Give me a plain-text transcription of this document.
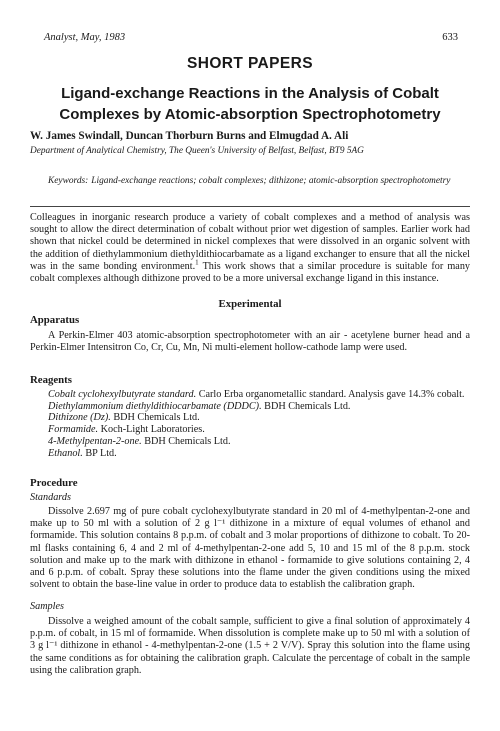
Analyst, May, 1983	633
SHORT PAPERS
Ligand-exchange Reactions in the Analysis of Cobalt
Complexes by Atomic-absorption Spectrophotometry
W. James Swindall, Duncan Thorburn Burns and Elmugdad A. Ali
Department of Analytical Chemistry, The Queen's University of Belfast, Belfast, BT9 5AG
Keywords: Ligand-exchange reactions; cobalt complexes; dithizone; atomic-absorption spectrophotometry
Colleagues in inorganic research produce a variety of cobalt complexes and a method of analysis was sought to allow the direct determination of cobalt without prior wet digestion of samples. Earlier work had shown that nickel could be determined in nickel complexes that were dissolved in an organic solvent with the addition of diethylammonium diethyldithiocarbamate as a ligand exchanger to ensure that all the nickel was in the same bonding environment.$^1$ This work shows that a similar procedure is suitable for many cobalt complexes although dithizone proved to be a more universal exchange ligand in this instance.
Experimental
Apparatus
A Perkin-Elmer 403 atomic-absorption spectrophotometer with an air - acetylene burner head and a Perkin-Elmer Intensitron Co, Cr, Cu, Mn, Ni multi-element hollow-cathode lamp were used.
Reagents
Cobalt cyclohexylbutyrate standard. Carlo Erba organometallic standard. Analysis gave 14.3% cobalt.
Diethylammonium diethyldithiocarbamate (DDDC). BDH Chemicals Ltd.
Dithizone (Dz). BDH Chemicals Ltd.
Formamide. Koch-Light Laboratories.
4-Methylpentan-2-one. BDH Chemicals Ltd.
Ethanol. BP Ltd.
Procedure
Standards
Dissolve 2.697 mg of pure cobalt cyclohexylbutyrate standard in 20 ml of 4-methylpentan-2-one and make up to 50 ml with a solution of 2 g l⁻¹ dithizone in a mixture of equal volumes of ethanol and formamide. This solution contains 8 p.p.m. of cobalt and 3 molar proportions of dithizone to cobalt. To 20-ml flasks containing 6, 4 and 2 ml of 4-methylpentan-2-one add 5, 10 and 15 ml of the 8 p.p.m. stock solution and make up to the mark with dithizone in ethanol - formamide to give solutions containing 2, 4 and 6 p.p.m. of cobalt. Spray these solutions into the flame under the given conditions using the mixed solvent to obtain the base-line value in order to produce data to establish the calibration graph.
Samples
Dissolve a weighed amount of the cobalt sample, sufficient to give a final solution of approximately 4 p.p.m. of cobalt, in 15 ml of formamide. When dissolution is complete make up to 50 ml with a solution of 3 g l⁻¹ dithizone in ethanol - 4-methylpentan-2-one (1.5 + 2 V/V). Spray this solution into the flame using the same conditions as for obtaining the calibration graph. Calculate the percentage of cobalt in the sample using the calibration graph.
